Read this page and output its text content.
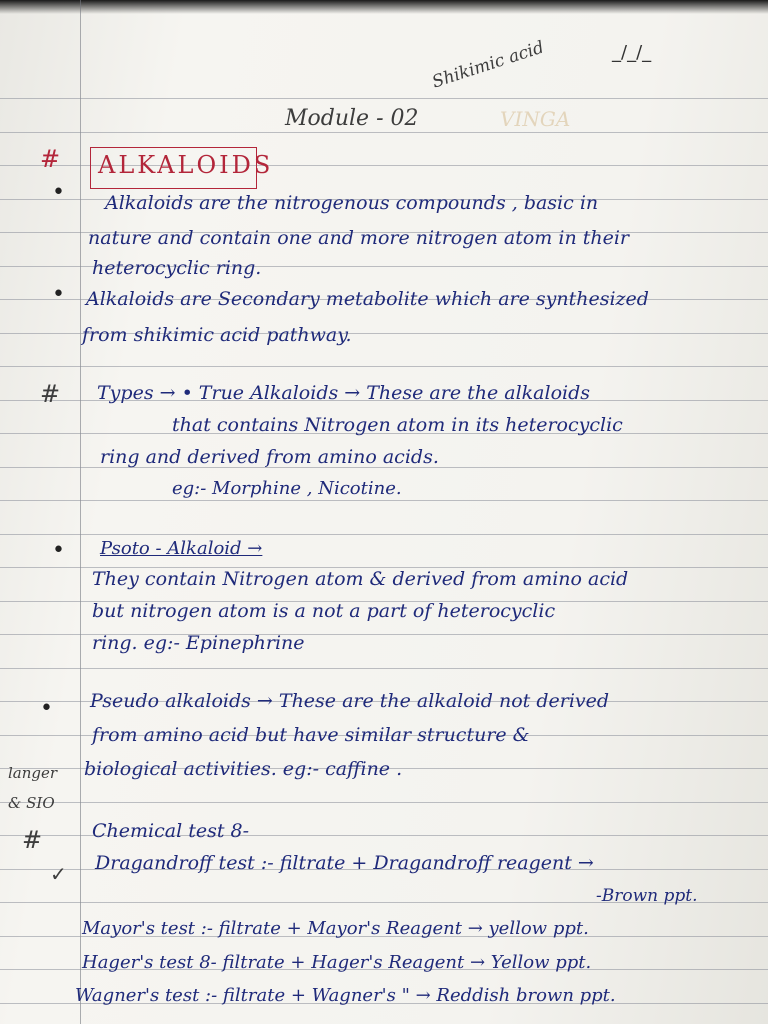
Shikimic acid	_/_/_
Module - 02	VINGA
# ALKALOIDS
• Alkaloids are the nitrogenous compounds , basic in
nature and contain one and more nitrogen atom in their
heterocyclic ring.
• Alkaloids are Secondary metabolite which are synthesized
from shikimic acid pathway.
# Types → • True Alkaloids → These are the alkaloids
that contains Nitrogen atom in its heterocyclic
ring and derived from amino acids.
eg:- Morphine , Nicotine.
• Psoto - Alkaloid →
They contain Nitrogen atom & derived from amino acid
but nitrogen atom is a not a part of heterocyclic
ring. eg:- Epinephrine
• Pseudo alkaloids → These are the alkaloid not derived
from amino acid but have similar structure &
biological activities. eg:- caffine .
langer
& SIO
#	Chemical test 8-
✓ Dragandroff test :- filtrate + Dragandroff reagent →
-Brown ppt.
Mayor's test :- filtrate + Mayor's Reagent → yellow ppt.
Hager's test 8- filtrate + Hager's Reagent → Yellow ppt.
Wagner's test :- filtrate + Wagner's " → Reddish brown ppt.
